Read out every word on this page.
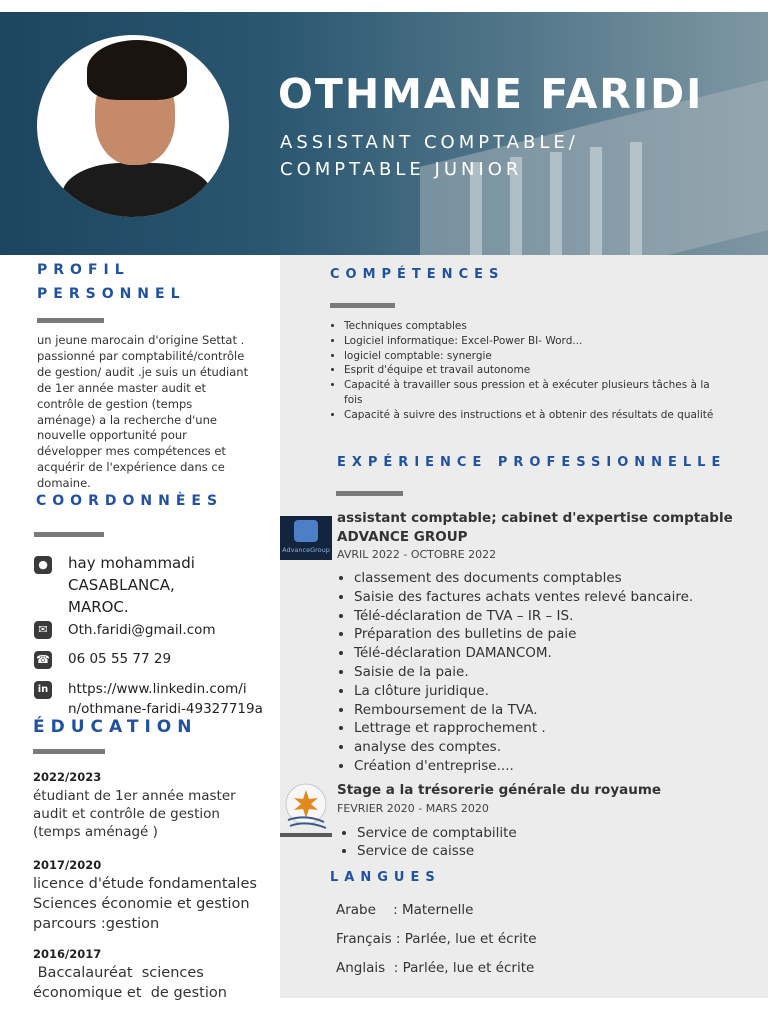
OTHMANE FARIDI
ASSISTANT COMPTABLE/
COMPTABLE JUNIOR
PROFIL
PERSONNEL
un jeune marocain d'origine Settat . passionné par comptabilité/contrôle de gestion/ audit .je suis un étudiant de 1er année master audit et contrôle de gestion (temps aménage) a la recherche d'une nouvelle opportunité pour développer mes compétences et acquérir de l'expérience dans ce domaine.
COORDONNÈES
● hay mohammadi
CASABLANCA,
MAROC.
✉	Oth.faridi@gmail.com
☎ 06 05 55 77 29
in https://www.linkedin.com/i
n/othmane-faridi-49327719a
ÉDUCATION
2022/2023
étudiant de 1er année master audit et contrôle de gestion (temps aménagé )
2017/2020
licence d'étude fondamentales Sciences économie et gestion parcours :gestion
2016/2017
Baccalauréat  sciences économique et  de gestion
COMPÉTENCES
• Techniques comptables
• Logiciel informatique: Excel-Power BI- Word...
• logiciel comptable: synergie
• Esprit d'équipe et travail autonome
• Capacité à travailler sous pression et à exécuter plusieurs tâches à la fois
• Capacité à suivre des instructions et à obtenir des résultats de qualité
EXPÉRIENCE PROFESSIONNELLE
AdvanceGroup
assistant comptable; cabinet d'expertise comptable
ADVANCE GROUP
AVRIL 2022 - OCTOBRE 2022
• classement des documents comptables
• Saisie des factures achats ventes relevé bancaire.
• Télé-déclaration de TVA – IR – IS.
• Préparation des bulletins de paie
• Télé-déclaration DAMANCOM.
• Saisie de la paie.
• La clôture juridique.
• Remboursement de la TVA.
• Lettrage et rapprochement .
• analyse des comptes.
• Création d'entreprise....
Stage a la trésorerie générale du royaume
FEVRIER 2020 - MARS 2020
• Service de comptabilite
• Service de caisse
LANGUES
Arabe    : Maternelle
Français : Parlée, lue et écrite
Anglais  : Parlée, lue et écrite
